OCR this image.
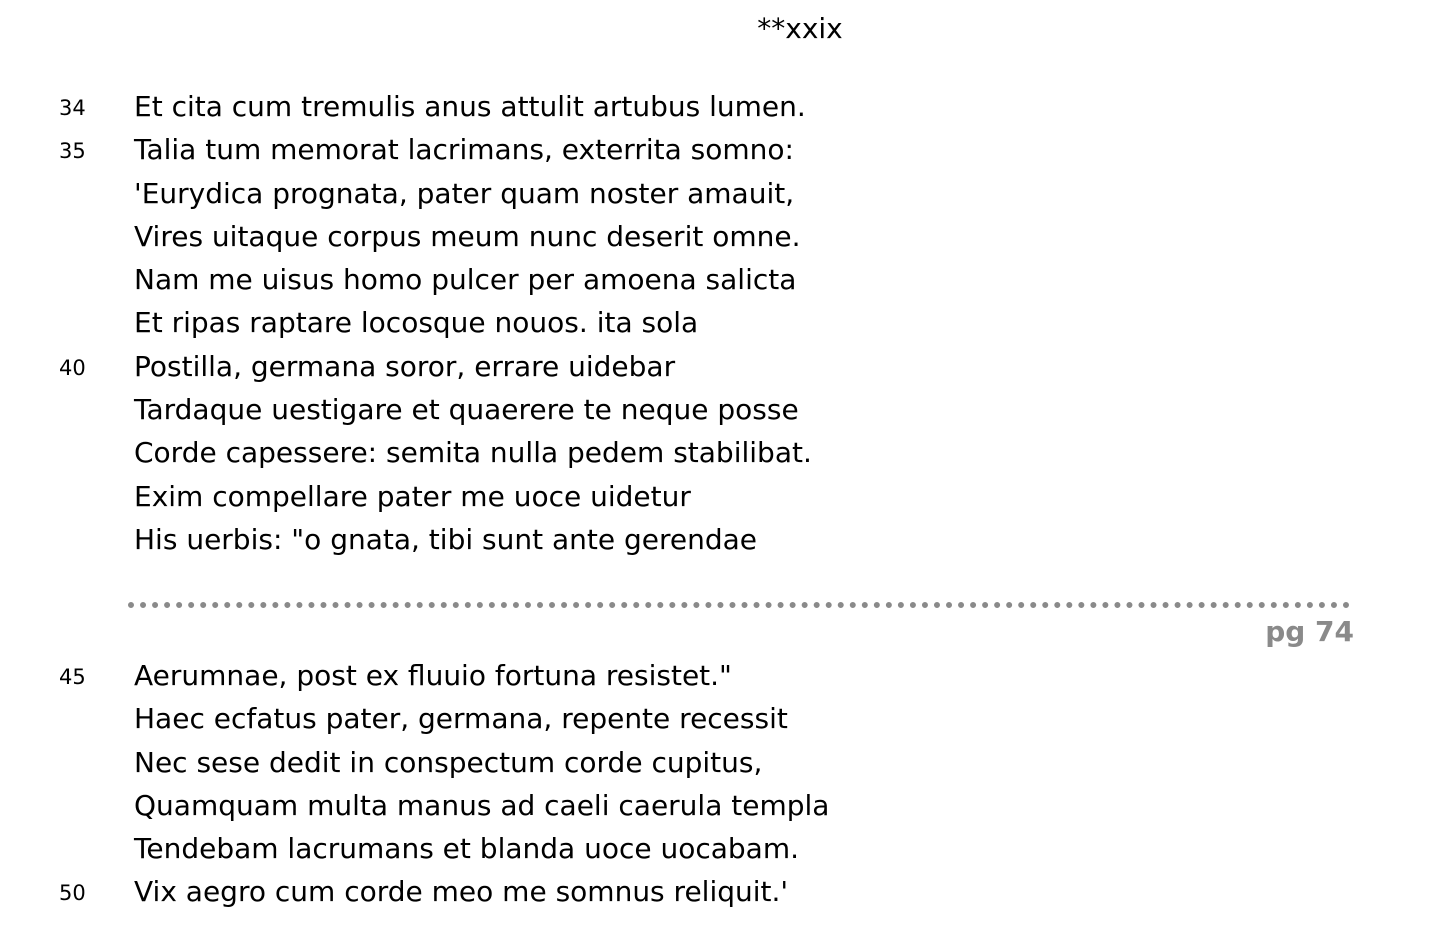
**xxix
34 Et cita cum tremulis anus attulit artubus lumen.
35 Talia tum memorat lacrimans, exterrita somno:
'Eurydica prognata, pater quam noster amauit,
Vires uitaque corpus meum nunc deserit omne.
Nam me uisus homo pulcer per amoena salicta
Et ripas raptare locosque nouos. ita sola
40 Postilla, germana soror, errare uidebar
Tardaque uestigare et quaerere te neque posse
Corde capessere: semita nulla pedem stabilibat.
Exim compellare pater me uoce uidetur
His uerbis: "o gnata, tibi sunt ante gerendae
pg 74
45 Aerumnae, post ex fluuio fortuna resistet."
Haec ecfatus pater, germana, repente recessit
Nec sese dedit in conspectum corde cupitus,
Quamquam multa manus ad caeli caerula templa
Tendebam lacrumans et blanda uoce uocabam.
50 Vix aegro cum corde meo me somnus reliquit.'
